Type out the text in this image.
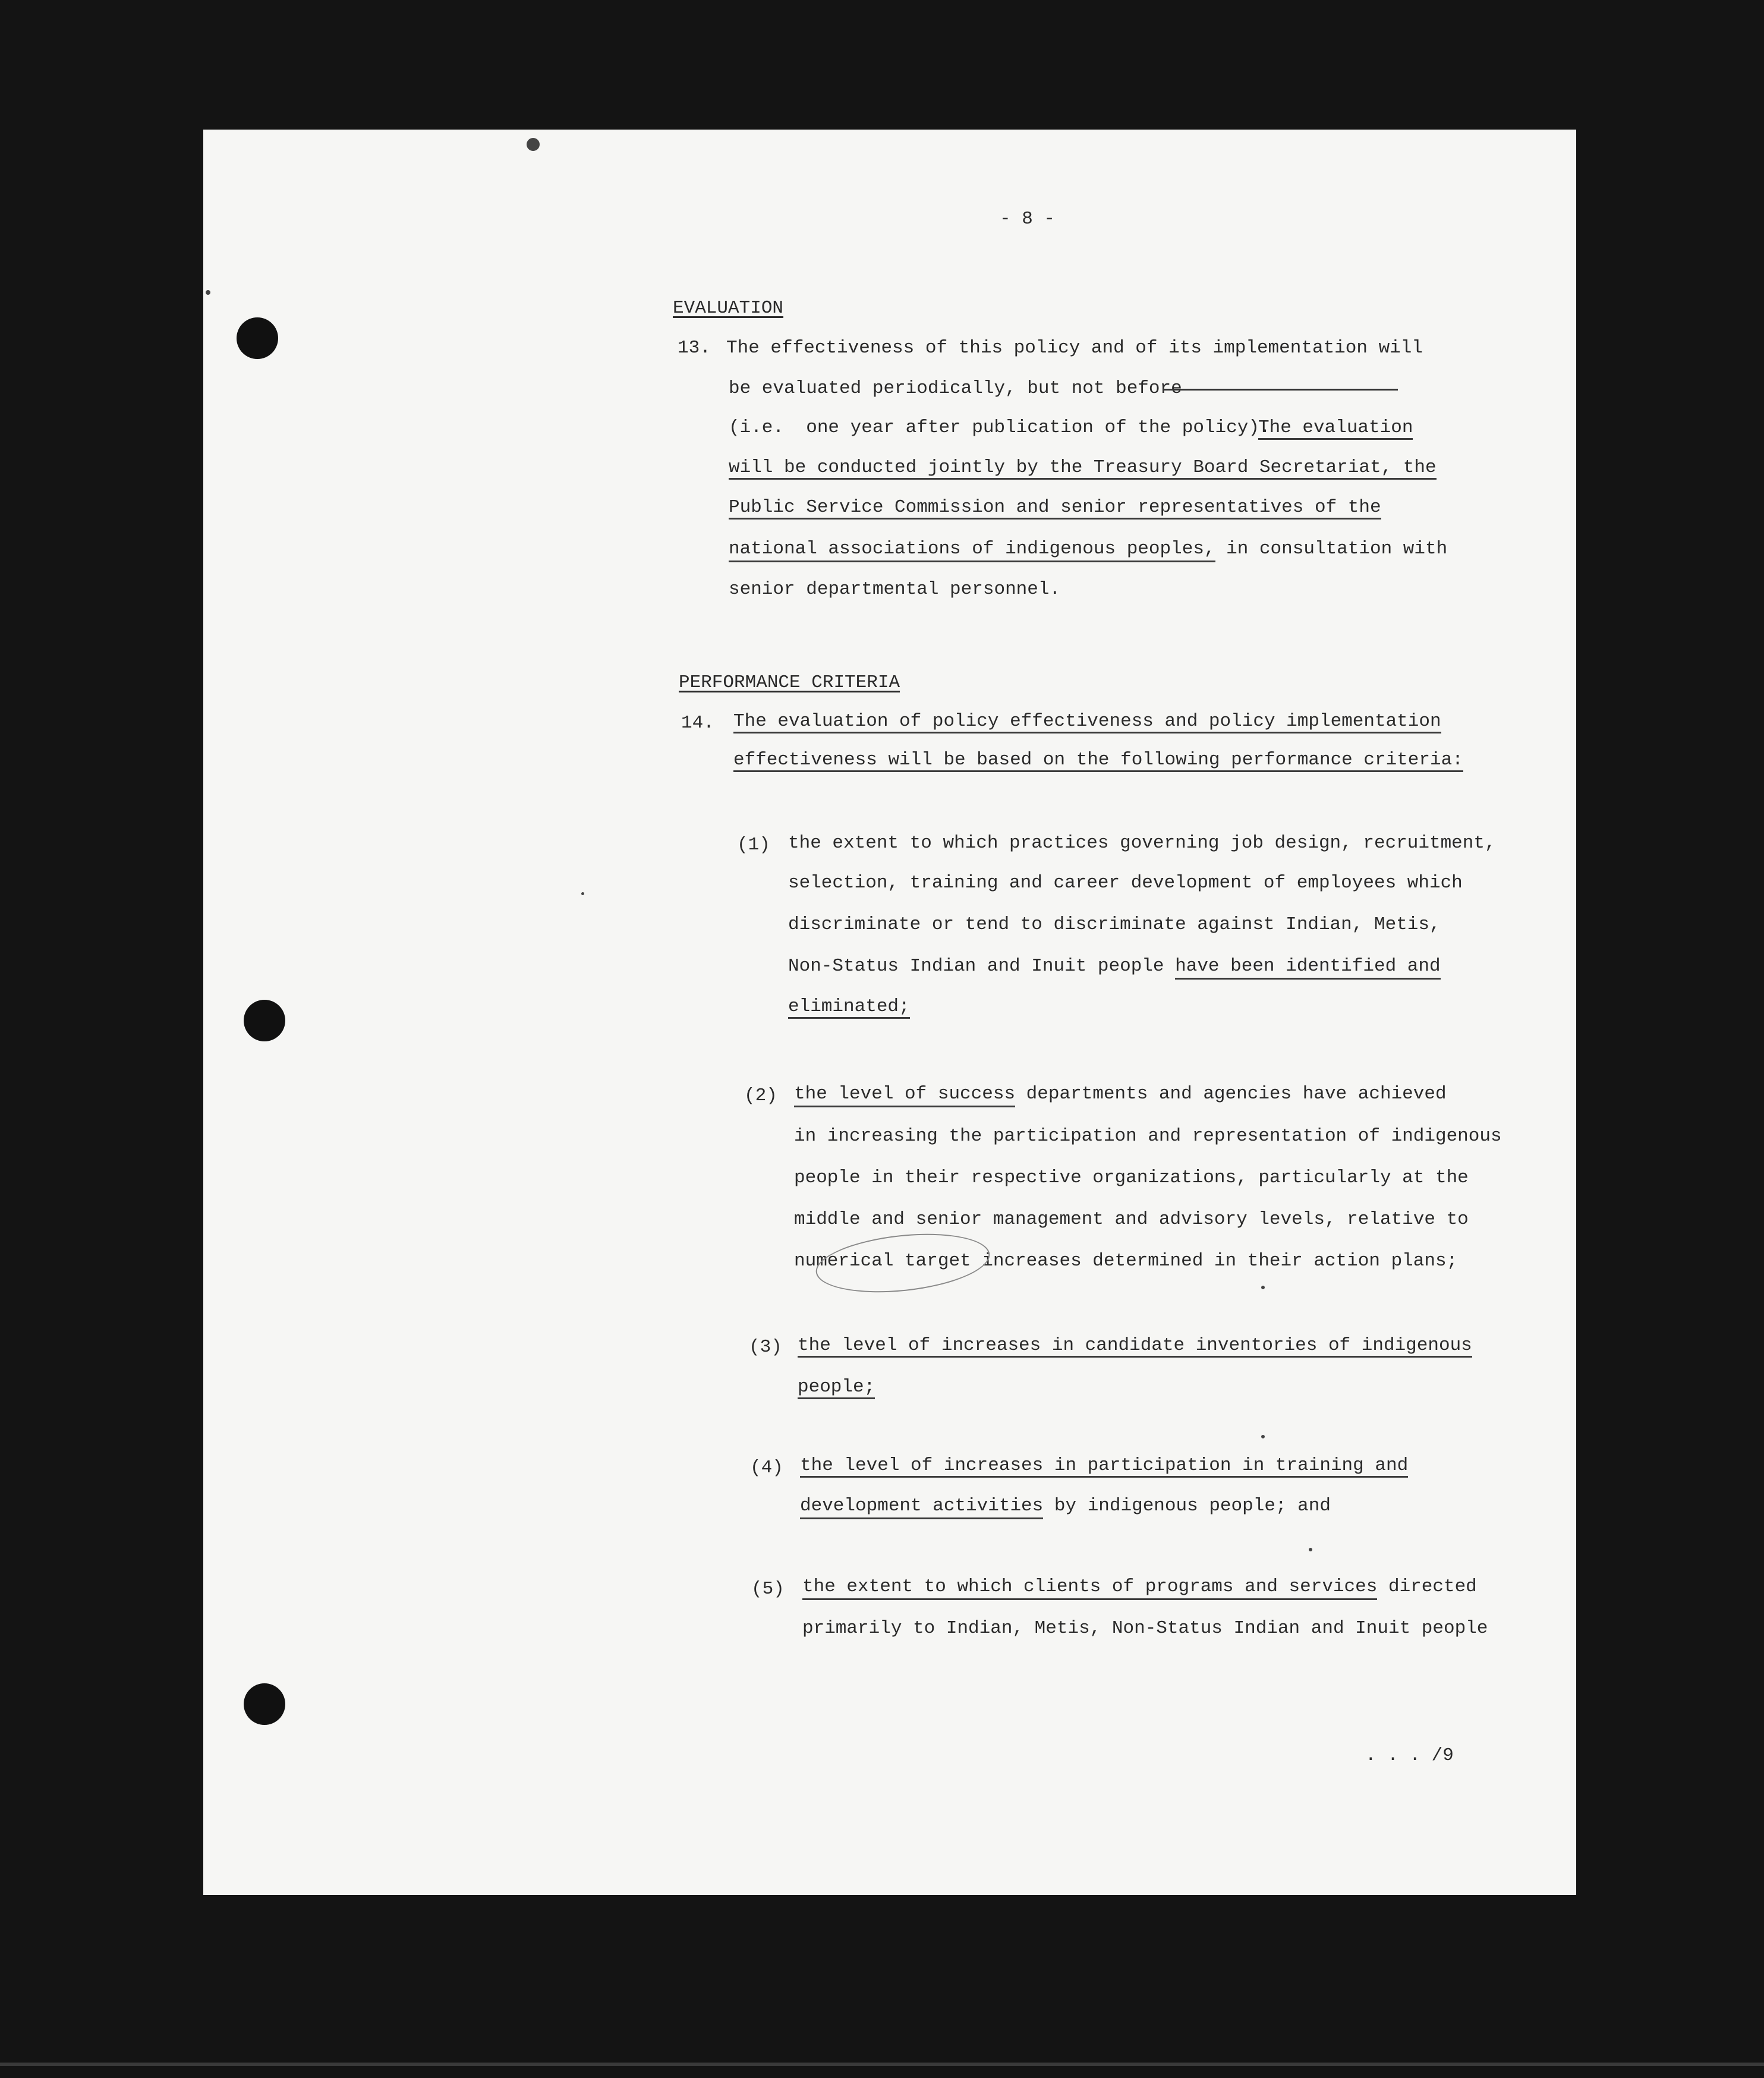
- 8 -
EVALUATION
13. The effectiveness of this policy and of its implementation will
be evaluated periodically, but not before
(i.e.  one year after publication of the policy).
The evaluation
will be conducted jointly by the Treasury Board Secretariat, the
Public Service Commission and senior representatives of the
national associations of indigenous peoples, in consultation with
senior departmental personnel.
PERFORMANCE CRITERIA
14. The evaluation of policy effectiveness and policy implementation
effectiveness will be based on the following performance criteria:
(1) the extent to which practices governing job design, recruitment,
selection, training and career development of employees which
discriminate or tend to discriminate against Indian, Metis,
Non-Status Indian and Inuit people have been identified and
eliminated;
(2) the level of success departments and agencies have achieved
in increasing the participation and representation of indigenous
people in their respective organizations, particularly at the
middle and senior management and advisory levels, relative to
numerical target increases determined in their action plans;
(3) the level of increases in candidate inventories of indigenous
people;
(4) the level of increases in participation in training and
development activities by indigenous people; and
(5) the extent to which clients of programs and services directed
primarily to Indian, Metis, Non-Status Indian and Inuit people
. . . /9
